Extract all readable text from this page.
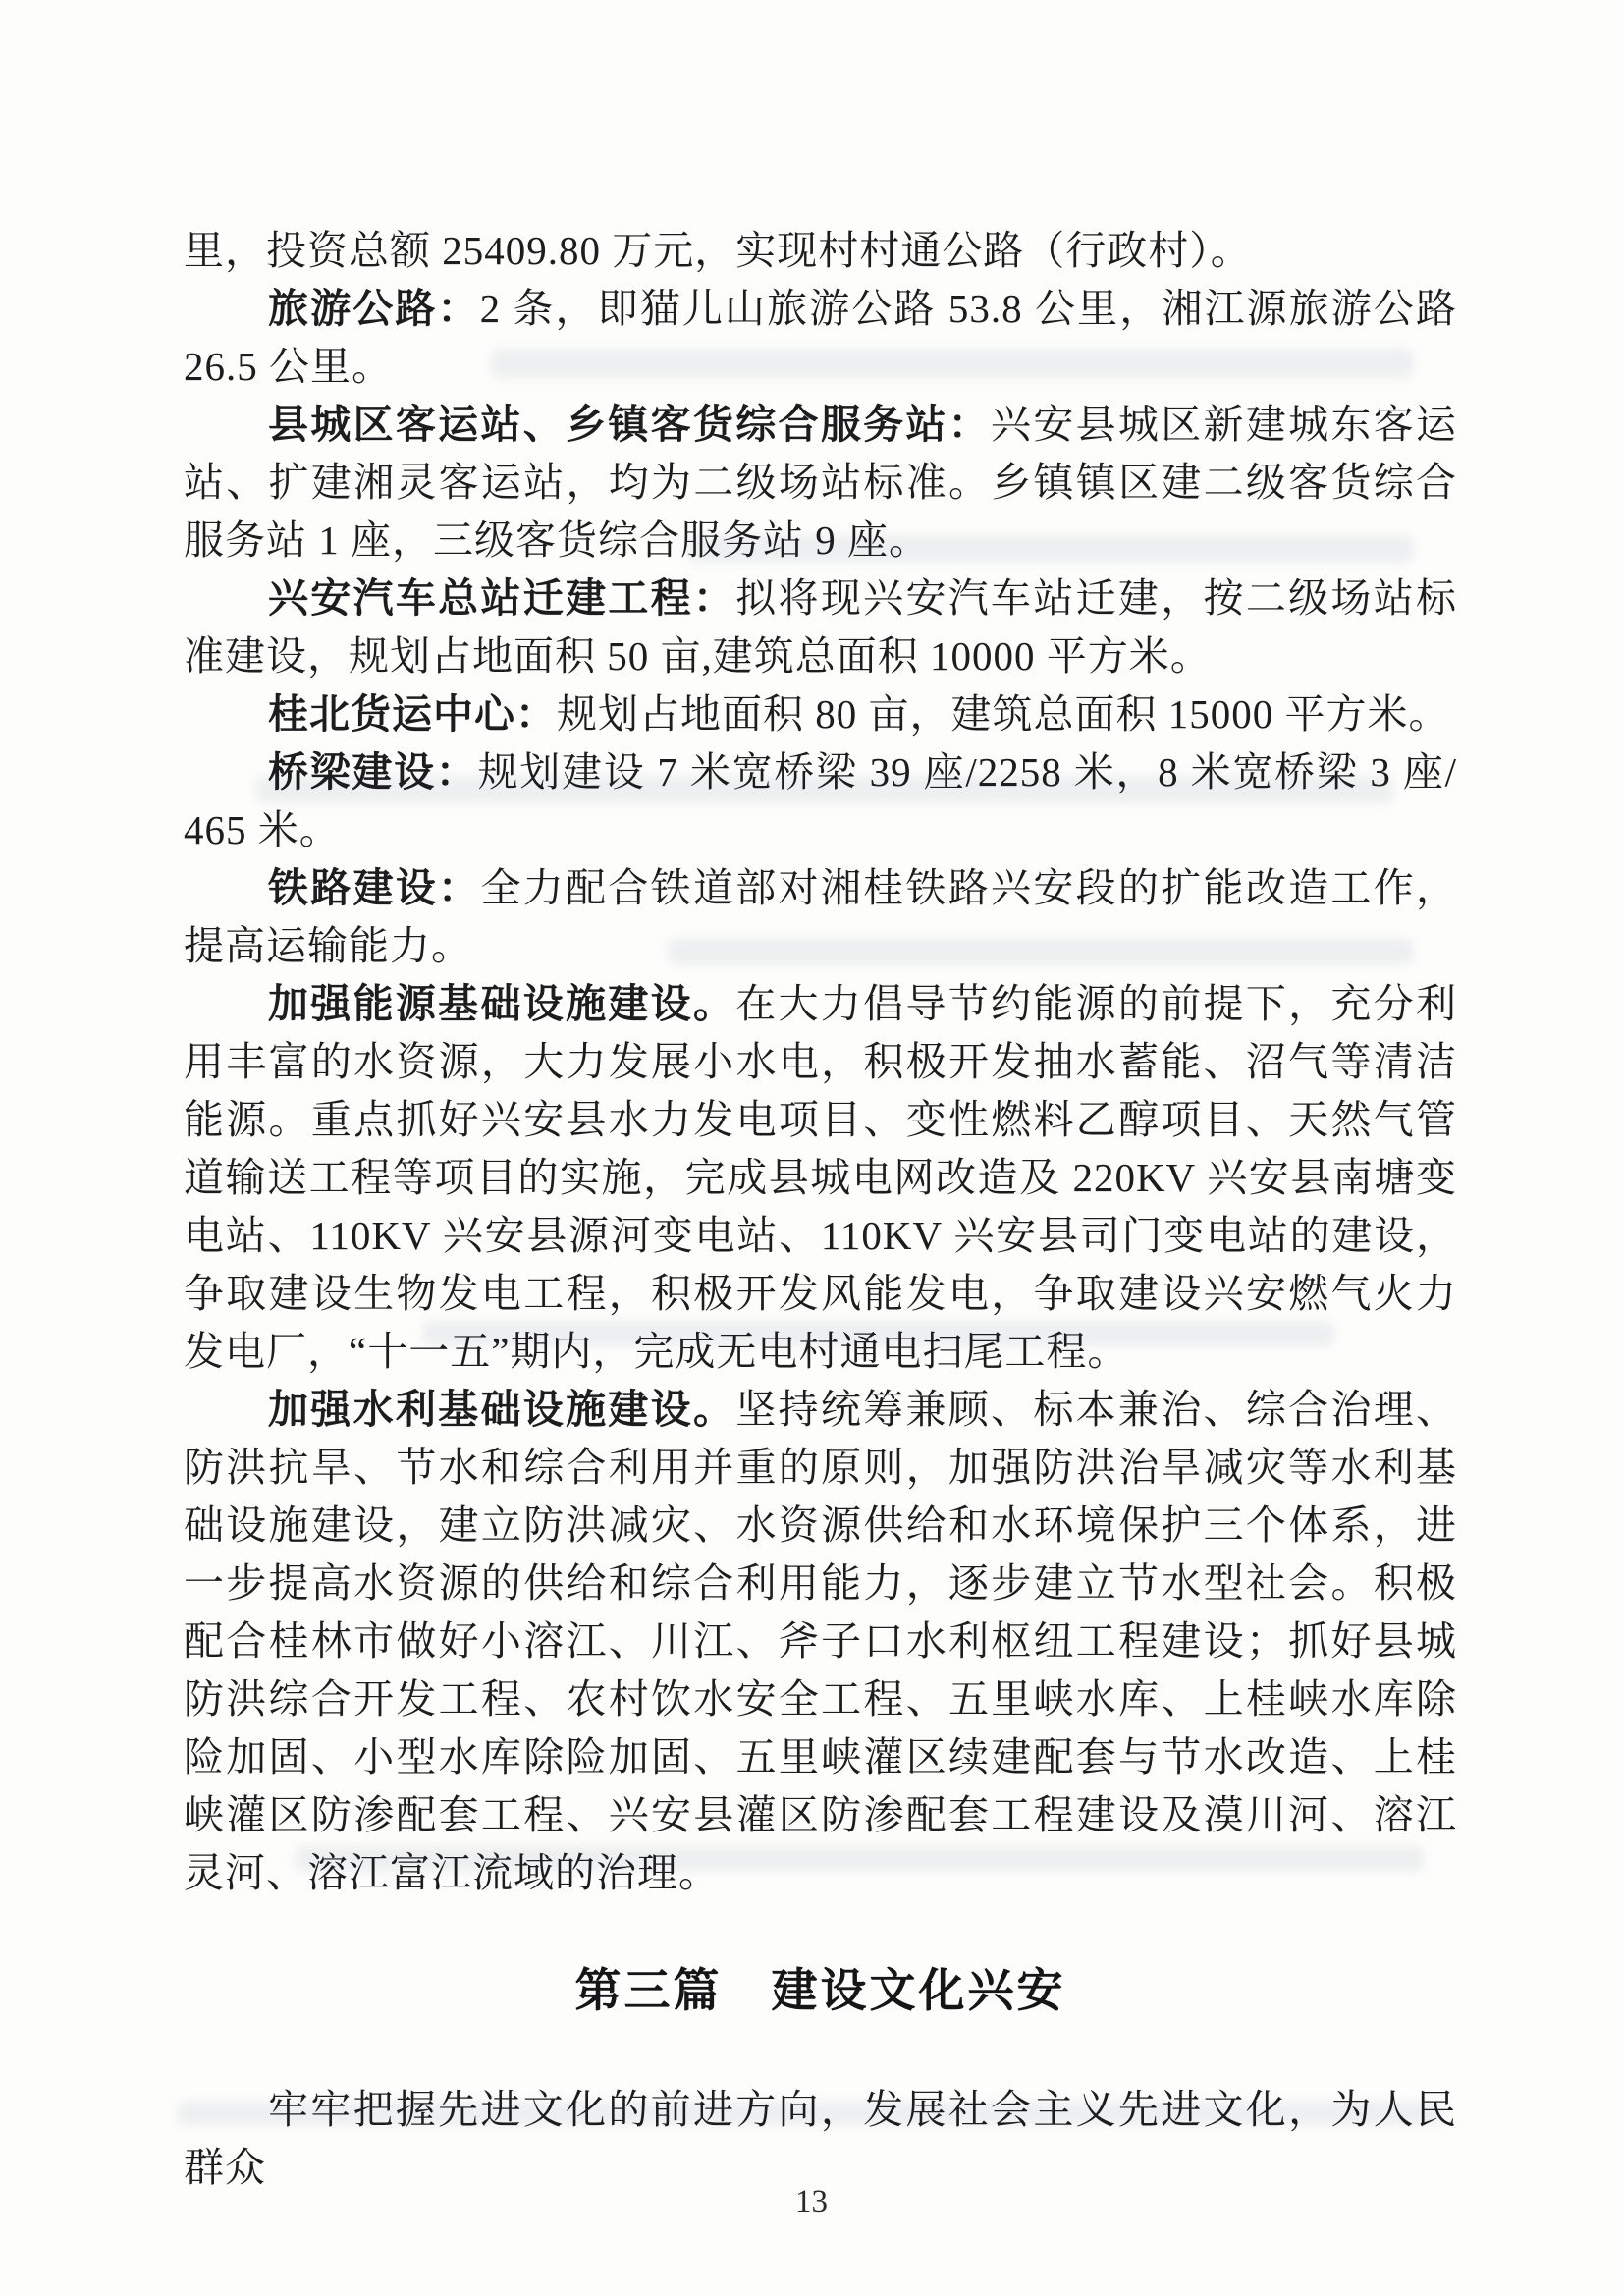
里，投资总额 25409.80 万元，实现村村通公路（行政村）。

旅游公路：2 条，即猫儿山旅游公路 53.8 公里，湘江源旅游公路 26.5 公里。

县城区客运站、乡镇客货综合服务站：兴安县城区新建城东客运站、扩建湘灵客运站，均为二级场站标准。乡镇镇区建二级客货综合服务站 1 座，三级客货综合服务站 9 座。

兴安汽车总站迁建工程：拟将现兴安汽车站迁建，按二级场站标准建设，规划占地面积 50 亩,建筑总面积 10000 平方米。

桂北货运中心：规划占地面积 80 亩，建筑总面积 15000 平方米。

桥梁建设：规划建设 7 米宽桥梁 39 座/2258 米，8 米宽桥梁 3 座/465 米。

铁路建设：全力配合铁道部对湘桂铁路兴安段的扩能改造工作，提高运输能力。

加强能源基础设施建设。在大力倡导节约能源的前提下，充分利用丰富的水资源，大力发展小水电，积极开发抽水蓄能、沼气等清洁能源。重点抓好兴安县水力发电项目、变性燃料乙醇项目、天然气管道输送工程等项目的实施，完成县城电网改造及 220KV 兴安县南塘变电站、110KV 兴安县源河变电站、110KV 兴安县司门变电站的建设，争取建设生物发电工程，积极开发风能发电，争取建设兴安燃气火力发电厂，“十一五”期内，完成无电村通电扫尾工程。

加强水利基础设施建设。坚持统筹兼顾、标本兼治、综合治理、防洪抗旱、节水和综合利用并重的原则，加强防洪治旱减灾等水利基础设施建设，建立防洪减灾、水资源供给和水环境保护三个体系，进一步提高水资源的供给和综合利用能力，逐步建立节水型社会。积极配合桂林市做好小溶江、川江、斧子口水利枢纽工程建设；抓好县城防洪综合开发工程、农村饮水安全工程、五里峡水库、上桂峡水库除险加固、小型水库除险加固、五里峡灌区续建配套与节水改造、上桂峡灌区防渗配套工程、兴安县灌区防渗配套工程建设及漠川河、溶江灵河、溶江富江流域的治理。

第三篇　建设文化兴安

牢牢把握先进文化的前进方向，发展社会主义先进文化，为人民群众

13
